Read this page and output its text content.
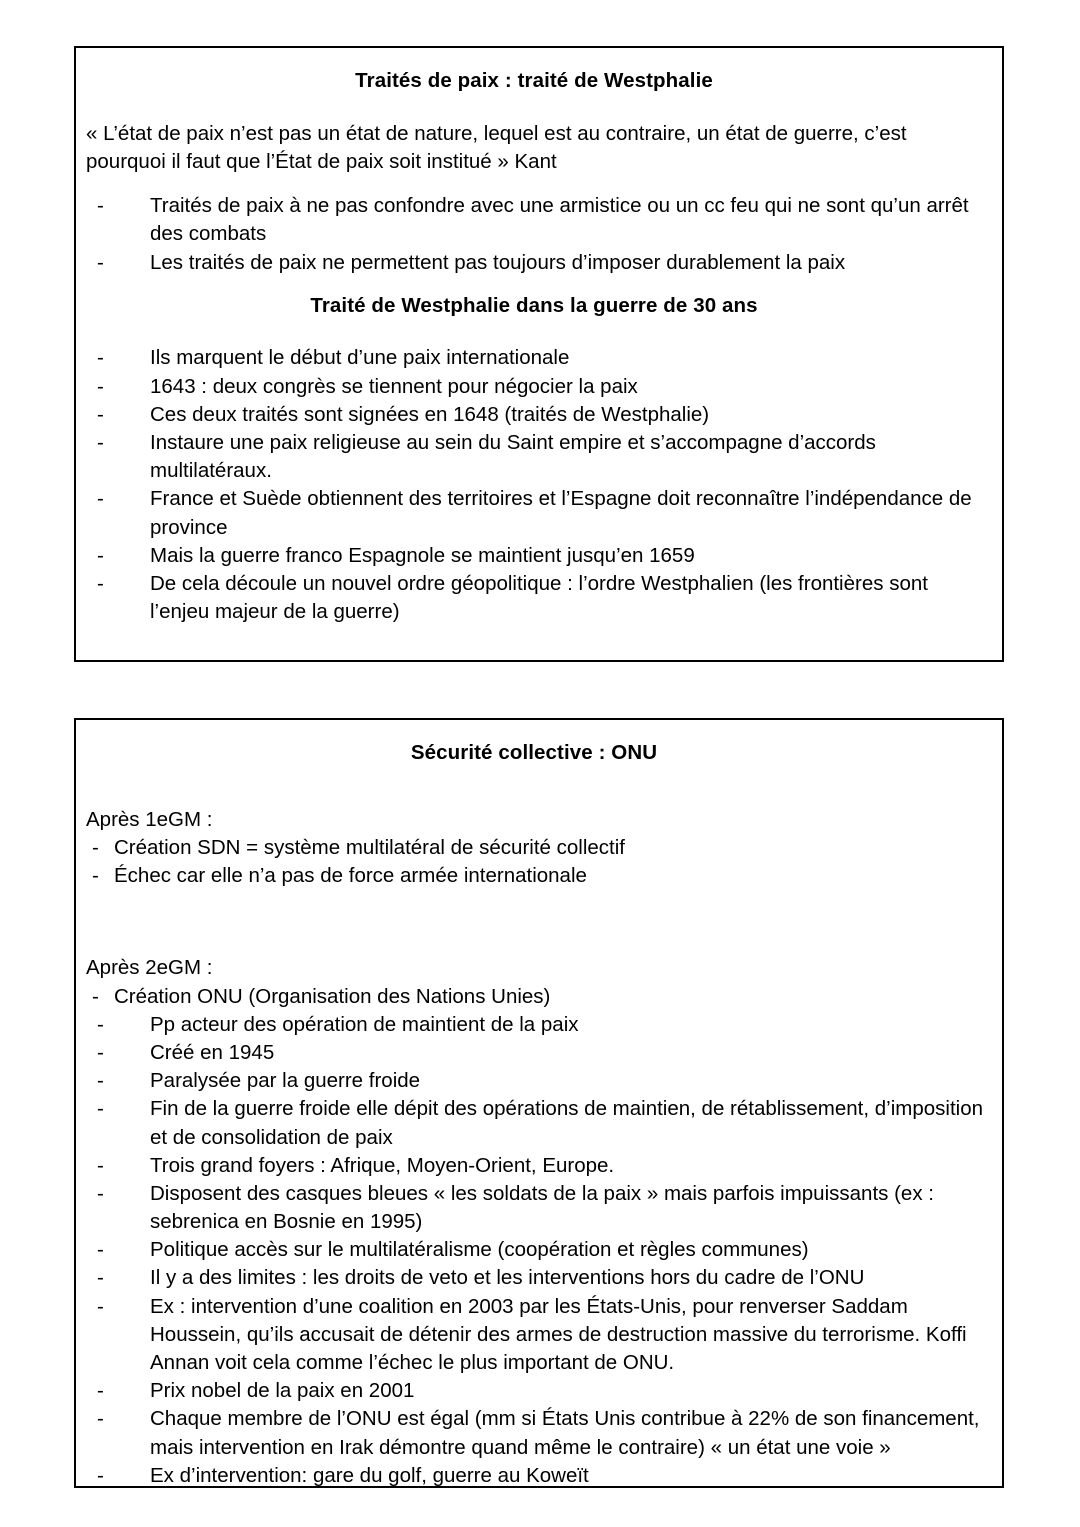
Traités de paix : traité de Westphalie

« L’état de paix n’est pas un état de nature, lequel est au contraire, un état de guerre, c’est pourquoi il faut que l’État de paix soit institué » Kant

- Traités de paix à ne pas confondre avec une armistice ou un cc feu qui ne sont qu’un arrêt des combats
- Les traités de paix ne permettent pas toujours d’imposer durablement la paix
Traité de Westphalie dans la guerre de 30 ans
- Ils marquent le début d’une paix internationale
- 1643 : deux congrès se tiennent pour négocier la paix
- Ces deux traités sont signées en 1648 (traités de Westphalie)
- Instaure une paix religieuse au sein du Saint empire et s’accompagne d’accords multilatéraux.
- France et Suède obtiennent des territoires et l’Espagne doit reconnaître l’indépendance de province
- Mais la guerre franco Espagnole se maintient jusqu’en 1659
- De cela découle un nouvel ordre géopolitique : l’ordre Westphalien (les frontières sont l’enjeu majeur de la guerre)
Sécurité collective : ONU

Après 1eGM :

- Création SDN = système multilatéral de sécurité collectif
- Échec car elle n’a pas de force armée internationale

Après 2eGM :

- Création ONU (Organisation des Nations Unies)
- Pp acteur des opération de maintient de la paix
- Créé en 1945
- Paralysée par la guerre froide
- Fin de la guerre froide elle dépit des opérations de maintien, de rétablissement, d’imposition et de consolidation de paix
- Trois grand foyers : Afrique, Moyen-Orient, Europe.
- Disposent des casques bleues « les soldats de la paix » mais parfois impuissants (ex : sebrenica en Bosnie en 1995)
- Politique accès sur le multilatéralisme (coopération et règles communes)
- Il y a des limites : les droits de veto et les interventions hors du cadre de l’ONU
- Ex : intervention d’une coalition en 2003 par les États-Unis, pour renverser Saddam Houssein, qu’ils accusait de détenir des armes de destruction massive du terrorisme. Koffi Annan voit cela comme l’échec le plus important de ONU.
- Prix nobel de la paix en 2001
- Chaque membre de l’ONU est égal (mm si États Unis contribue à 22% de son financement, mais intervention en Irak démontre quand même le contraire) « un état une voie »
- Ex d’intervention: gare du golf, guerre au Koweït
